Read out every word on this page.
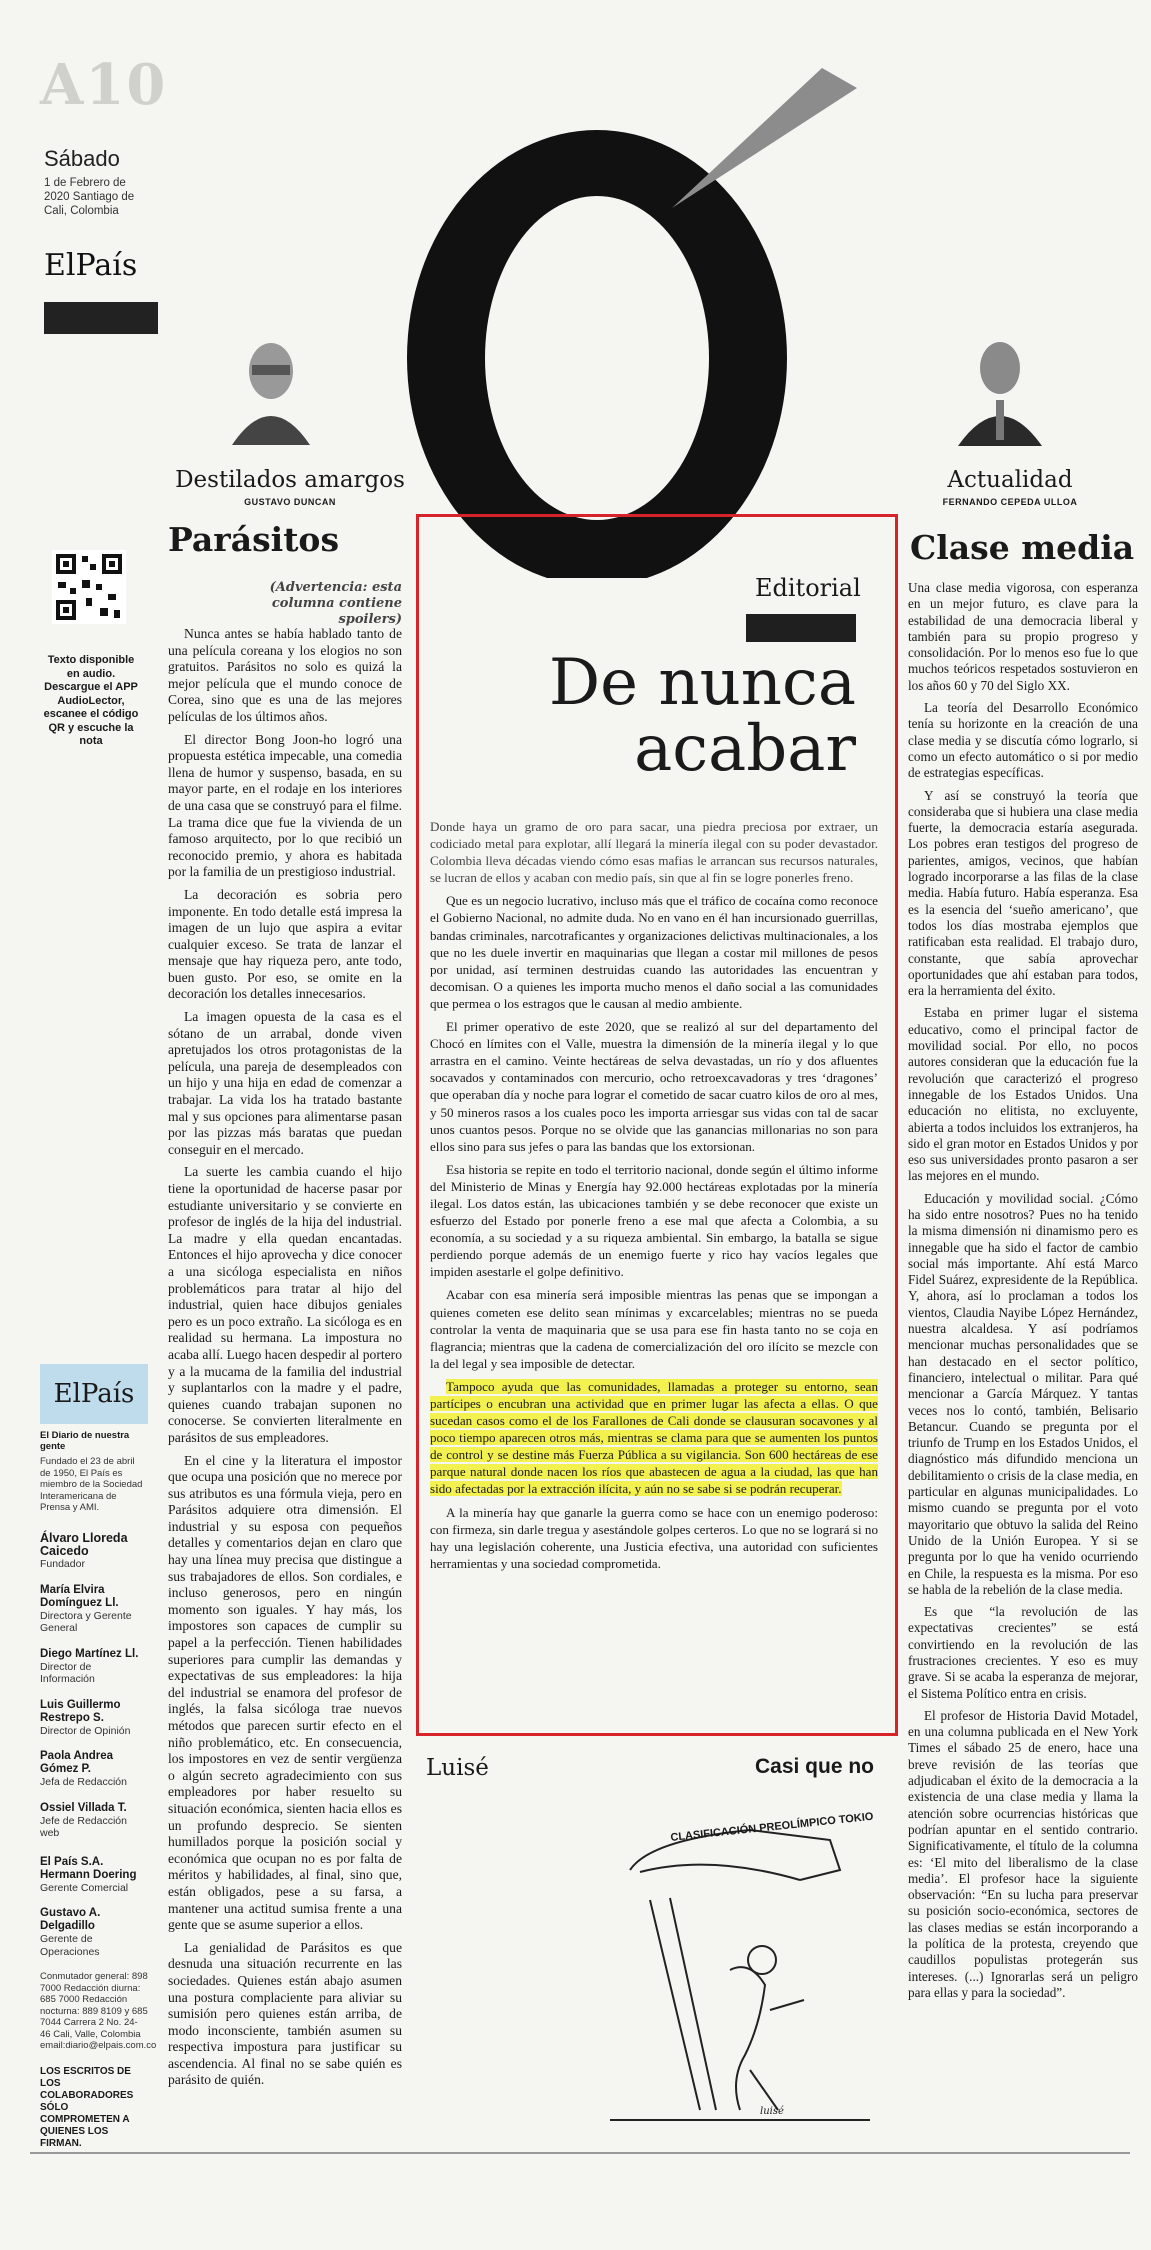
A10
Sábado
1 de Febrero de 2020 Santiago de Cali, Colombia
ElPaís
Destilados amargos
GUSTAVO DUNCAN
Actualidad
FERNANDO CEPEDA ULLOA
Texto disponible en audio. Descargue el APP AudioLector, escanee el código QR y escuche la nota
ElPaís
El Diario de nuestra gente
Fundado el 23 de abril de 1950, El País es miembro de la Sociedad Interamericana de Prensa y AMI.
Álvaro Lloreda Caicedo
Fundador
María Elvira Domínguez Ll.
Directora y Gerente General
Diego Martínez Ll.
Director de Información
Luis Guillermo Restrepo S.
Director de Opinión
Paola Andrea Gómez P.
Jefa de Redacción
Ossiel Villada T.
Jefe de Redacción web
El País S.A. Hermann Doering
Gerente Comercial
Gustavo A. Delgadillo
Gerente de Operaciones
Conmutador general: 898 7000 Redacción diurna: 685 7000 Redacción nocturna: 889 8109 y 685 7044 Carrera 2 No. 24-46 Cali, Valle, Colombia email:diario@elpais.com.co
LOS ESCRITOS DE LOS COLABORADORES SÓLO COMPROMETEN A QUIENES LOS FIRMAN.
Parásitos
(Advertencia: esta columna contiene spoilers)

Nunca antes se había hablado tanto de una película coreana y los elogios no son gratuitos. Parásitos no solo es quizá la mejor película que el mundo conoce de Corea, sino que es una de las mejores películas de los últimos años.

El director Bong Joon-ho logró una propuesta estética impecable, una comedia llena de humor y suspenso, basada, en su mayor parte, en el rodaje en los interiores de una casa que se construyó para el filme. La trama dice que fue la vivienda de un famoso arquitecto, por lo que recibió un reconocido premio, y ahora es habitada por la familia de un prestigioso industrial.

La decoración es sobria pero imponente. En todo detalle está impresa la imagen de un lujo que aspira a evitar cualquier exceso. Se trata de lanzar el mensaje que hay riqueza pero, ante todo, buen gusto. Por eso, se omite en la decoración los detalles innecesarios.

La imagen opuesta de la casa es el sótano de un arrabal, donde viven apretujados los otros protagonistas de la película, una pareja de desempleados con un hijo y una hija en edad de comenzar a trabajar. La vida los ha tratado bastante mal y sus opciones para alimentarse pasan por las pizzas más baratas que puedan conseguir en el mercado.

La suerte les cambia cuando el hijo tiene la oportunidad de hacerse pasar por estudiante universitario y se convierte en profesor de inglés de la hija del industrial. La madre y ella quedan encantadas. Entonces el hijo aprovecha y dice conocer a una sicóloga especialista en niños problemáticos para tratar al hijo del industrial, quien hace dibujos geniales pero es un poco extraño. La sicóloga es en realidad su hermana. La impostura no acaba allí. Luego hacen despedir al portero y a la mucama de la familia del industrial y suplantarlos con la madre y el padre, quienes cuando trabajan suponen no conocerse. Se convierten literalmente en parásitos de sus empleadores.

En el cine y la literatura el impostor que ocupa una posición que no merece por sus atributos es una fórmula vieja, pero en Parásitos adquiere otra dimensión. El industrial y su esposa con pequeños detalles y comentarios dejan en claro que hay una línea muy precisa que distingue a sus trabajadores de ellos. Son cordiales, e incluso generosos, pero en ningún momento son iguales. Y hay más, los impostores son capaces de cumplir su papel a la perfección. Tienen habilidades superiores para cumplir las demandas y expectativas de sus empleadores: la hija del industrial se enamora del profesor de inglés, la falsa sicóloga trae nuevos métodos que parecen surtir efecto en el niño problemático, etc. En consecuencia, los impostores en vez de sentir vergüenza o algún secreto agradecimiento con sus empleadores por haber resuelto su situación económica, sienten hacia ellos es un profundo desprecio. Se sienten humillados porque la posición social y económica que ocupan no es por falta de méritos y habilidades, al final, sino que, están obligados, pese a su farsa, a mantener una actitud sumisa frente a una gente que se asume superior a ellos.

La genialidad de Parásitos es que desnuda una situación recurrente en las sociedades. Quienes están abajo asumen una postura complaciente para aliviar su sumisión pero quienes están arriba, de modo inconsciente, también asumen su respectiva impostura para justificar su ascendencia. Al final no se sabe quién es parásito de quién.

Editorial
De nunca
acabar

Donde haya un gramo de oro para sacar, una piedra preciosa por extraer, un codiciado metal para explotar, allí llegará la minería ilegal con su poder devastador. Colombia lleva décadas viendo cómo esas mafias le arrancan sus recursos naturales, se lucran de ellos y acaban con medio país, sin que al fin se logre ponerles freno.

Que es un negocio lucrativo, incluso más que el tráfico de cocaína como reconoce el Gobierno Nacional, no admite duda. No en vano en él han incursionado guerrillas, bandas criminales, narcotraficantes y organizaciones delictivas multinacionales, a los que no les duele invertir en maquinarias que llegan a costar mil millones de pesos por unidad, así terminen destruidas cuando las autoridades las encuentran y decomisan. O a quienes les importa mucho menos el daño social a las comunidades que permea o los estragos que le causan al medio ambiente.

El primer operativo de este 2020, que se realizó al sur del departamento del Chocó en límites con el Valle, muestra la dimensión de la minería ilegal y lo que arrastra en el camino. Veinte hectáreas de selva devastadas, un río y dos afluentes socavados y contaminados con mercurio, ocho retroexcavadoras y tres ‘dragones’ que operaban día y noche para lograr el cometido de sacar cuatro kilos de oro al mes, y 50 mineros rasos a los cuales poco les importa arriesgar sus vidas con tal de sacar unos cuantos pesos. Porque no se olvide que las ganancias millonarias no son para ellos sino para sus jefes o para las bandas que los extorsionan.

Esa historia se repite en todo el territorio nacional, donde según el último informe del Ministerio de Minas y Energía hay 92.000 hectáreas explotadas por la minería ilegal. Los datos están, las ubicaciones también y se debe reconocer que existe un esfuerzo del Estado por ponerle freno a ese mal que afecta a Colombia, a su economía, a su sociedad y a su riqueza ambiental. Sin embargo, la batalla se sigue perdiendo porque además de un enemigo fuerte y rico hay vacíos legales que impiden asestarle el golpe definitivo.

Acabar con esa minería será imposible mientras las penas que se impongan a quienes cometen ese delito sean mínimas y excarcelables; mientras no se pueda controlar la venta de maquinaria que se usa para ese fin hasta tanto no se coja en flagrancia; mientras que la cadena de comercialización del oro ilícito se mezcle con la del legal y sea imposible de detectar.

Tampoco ayuda que las comunidades, llamadas a proteger su entorno, sean partícipes o encubran una actividad que en primer lugar las afecta a ellas. O que sucedan casos como el de los Farallones de Cali donde se clausuran socavones y al poco tiempo aparecen otros más, mientras se clama para que se aumenten los puntos de control y se destine más Fuerza Pública a su vigilancia. Son 600 hectáreas de ese parque natural donde nacen los ríos que abastecen de agua a la ciudad, las que han sido afectadas por la extracción ilícita, y aún no se sabe si se podrán recuperar.

A la minería hay que ganarle la guerra como se hace con un enemigo poderoso: con firmeza, sin darle tregua y asestándole golpes certeros. Lo que no se logrará si no hay una legislación coherente, una Justicia efectiva, una autoridad con suficientes herramientas y una sociedad comprometida.

Luisé	Casi que no
CLASIFICACIÓN PREOLÍMPICO TOKIO
luisé
Clase media

Una clase media vigorosa, con esperanza en un mejor futuro, es clave para la estabilidad de una democracia liberal y también para su propio progreso y consolidación. Por lo menos eso fue lo que muchos teóricos respetados sostuvieron en los años 60 y 70 del Siglo XX.

La teoría del Desarrollo Económico tenía su horizonte en la creación de una clase media y se discutía cómo lograrlo, si como un efecto automático o si por medio de estrategias específicas.

Y así se construyó la teoría que consideraba que si hubiera una clase media fuerte, la democracia estaría asegurada. Los pobres eran testigos del progreso de parientes, amigos, vecinos, que habían logrado incorporarse a las filas de la clase media. Había futuro. Había esperanza. Esa es la esencia del ‘sueño americano’, que todos los días mostraba ejemplos que ratificaban esta realidad. El trabajo duro, constante, que sabía aprovechar oportunidades que ahí estaban para todos, era la herramienta del éxito.

Estaba en primer lugar el sistema educativo, como el principal factor de movilidad social. Por ello, no pocos autores consideran que la educación fue la revolución que caracterizó el progreso innegable de los Estados Unidos. Una educación no elitista, no excluyente, abierta a todos incluidos los extranjeros, ha sido el gran motor en Estados Unidos y por eso sus universidades pronto pasaron a ser las mejores en el mundo.

Educación y movilidad social. ¿Cómo ha sido entre nosotros? Pues no ha tenido la misma dimensión ni dinamismo pero es innegable que ha sido el factor de cambio social más importante. Ahí está Marco Fidel Suárez, expresidente de la República. Y, ahora, así lo proclaman a todos los vientos, Claudia Nayibe López Hernández, nuestra alcaldesa. Y así podríamos mencionar muchas personalidades que se han destacado en el sector político, financiero, intelectual o militar. Para qué mencionar a García Márquez. Y tantas veces nos lo contó, también, Belisario Betancur. Cuando se pregunta por el triunfo de Trump en los Estados Unidos, el diagnóstico más difundido menciona un debilitamiento o crisis de la clase media, en particular en algunas municipalidades. Lo mismo cuando se pregunta por el voto mayoritario que obtuvo la salida del Reino Unido de la Unión Europea. Y si se pregunta por lo que ha venido ocurriendo en Chile, la respuesta es la misma. Por eso se habla de la rebelión de la clase media.

Es que “la revolución de las expectativas crecientes” se está convirtiendo en la revolución de las frustraciones crecientes. Y eso es muy grave. Si se acaba la esperanza de mejorar, el Sistema Político entra en crisis.

El profesor de Historia David Motadel, en una columna publicada en el New York Times el sábado 25 de enero, hace una breve revisión de las teorías que adjudicaban el éxito de la democracia a la existencia de una clase media y llama la atención sobre ocurrencias históricas que podrían apuntar en el sentido contrario. Significativamente, el título de la columna es: ‘El mito del liberalismo de la clase media’. El profesor hace la siguiente observación: “En su lucha para preservar su posición socio-económica, sectores de las clases medias se están incorporando a la política de la protesta, creyendo que caudillos populistas protegerán sus intereses. (...) Ignorarlas será un peligro para ellas y para la sociedad”.
